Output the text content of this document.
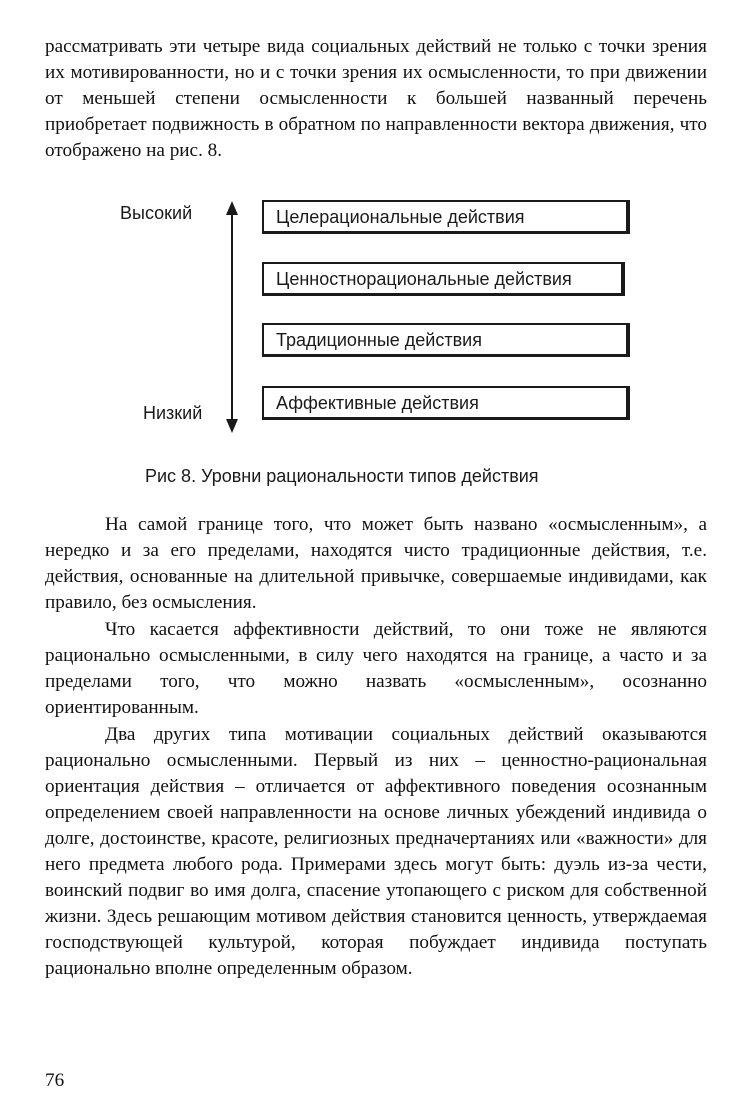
рассматривать эти четыре вида социальных действий не только с точки зрения их мотивированности, но и с точки зрения их осмысленности, то при движении от меньшей степени осмысленности к большей названный перечень приобретает подвижность в обратном по направленности вектора движения, что отображено на рис. 8.

Высокий
Низкий
Целерациональные действия
Ценностнорациональные действия
Традиционные действия
Аффективные действия
Рис 8. Уровни рациональности типов действия

На самой границе того, что может быть названо «осмысленным», а нередко и за его пределами, находятся чисто традиционные действия, т.е. действия, основанные на длительной привычке, совершаемые индивидами, как правило, без осмысления.

Что касается аффективности действий, то они тоже не являются рационально осмысленными, в силу чего находятся на границе, а часто и за пределами того, что можно назвать «осмысленным», осознанно ориентированным.

Два других типа мотивации социальных действий оказываются рационально осмысленными. Первый из них – ценностно-рациональная ориентация действия – отличается от аффективного поведения осознанным определением своей направленности на основе личных убеждений индивида о долге, достоинстве, красоте, религиозных предначертаниях или «важности» для него предмета любого рода. Примерами здесь могут быть: дуэль из-за чести, воинский подвиг во имя долга, спасение утопающего с риском для собственной жизни. Здесь решающим мотивом действия становится ценность, утверждаемая господствующей культурой, которая побуждает индивида поступать рационально вполне определенным образом.

76
